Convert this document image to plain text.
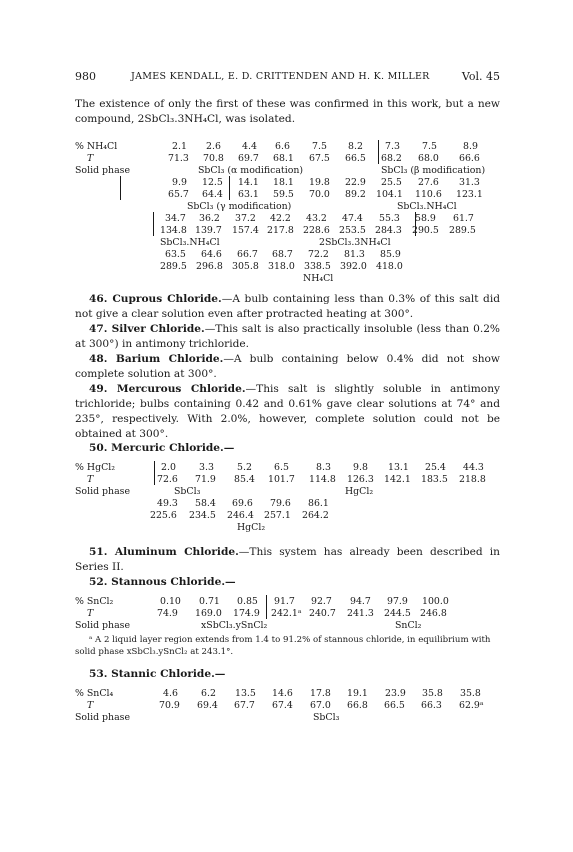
980	JAMES KENDALL, E. D. CRITTENDEN AND H. K. MILLER	Vol. 45

The existence of only the first of these was confirmed in this work, but a new compound, 2SbCl₃.3NH₄Cl, was isolated.

% NH₄Cl	2.1 2.6 4.4 6.6 7.5 8.2 7.3 7.5	8.9
T	71.3 70.8 69.7 68.1 67.5 66.5 68.2 68.0 66.6
Solid phase	SbCl₃ (α modification)	SbCl₃ (β modification)
9.9 12.5 14.1 18.1 19.8 22.9 25.5 27.6 31.3
65.7 64.4 63.1 59.5 70.0 89.2 104.1 110.6 123.1
SbCl₃ (γ modification)	SbCl₃.NH₄Cl
34.7 36.2 37.2 42.2 43.2 47.4 55.3 58.9 61.7
134.8 139.7 157.4 217.8 228.6 253.5 284.3 290.5 289.5
SbCl₃.NH₄Cl	2SbCl₃.3NH₄Cl
63.5 64.6 66.7 68.7 72.2 81.3 85.9
289.5 296.8 305.8 318.0 338.5 392.0 418.0
NH₄Cl

46. Cuprous Chloride.—A bulb containing less than 0.3% of this salt did not give a clear solution even after protracted heating at 300°.

47. Silver Chloride.—This salt is also practically insoluble (less than 0.2% at 300°) in antimony trichloride.

48. Barium Chloride.—A bulb containing below 0.4% did not show complete solution at 300°.

49. Mercurous Chloride.—This salt is slightly soluble in antimony trichloride; bulbs containing 0.42 and 0.61% gave clear solutions at 74° and 235°, respectively. With 2.0%, however, complete solution could not be obtained at 300°.

50. Mercuric Chloride.—

% HgCl₂	2.0 3.3 5.2 6.5	8.3 9.8 13.1 25.4 44.3
T	72.6 71.9 85.4 101.7 114.8 126.3 142.1 183.5 218.8
Solid phase	SbCl₃	HgCl₂
49.3 58.4 69.6 79.6 86.1
225.6 234.5 246.4 257.1 264.2
HgCl₂

51. Aluminum Chloride.—This system has already been described in Series II.

52. Stannous Chloride.—

% SnCl₂	0.10 0.71 0.85 91.7 92.7 94.7 97.9 100.0
T	74.9 169.0 174.9 242.1ᵃ 240.7 241.3 244.5 246.8
Solid phase	xSbCl₃.ySnCl₂	SnCl₂

ᵃ A 2 liquid layer region extends from 1.4 to 91.2% of stannous chloride, in equilibrium with solid phase xSbCl₃.ySnCl₂ at 243.1°.

53. Stannic Chloride.—

% SnCl₄	4.6 6.2 13.5 14.6 17.8 19.1 23.9 35.8 35.8
T	70.9 69.4 67.7 67.4 67.0 66.8 66.5 66.3 62.9ᵃ
Solid phase	SbCl₃
